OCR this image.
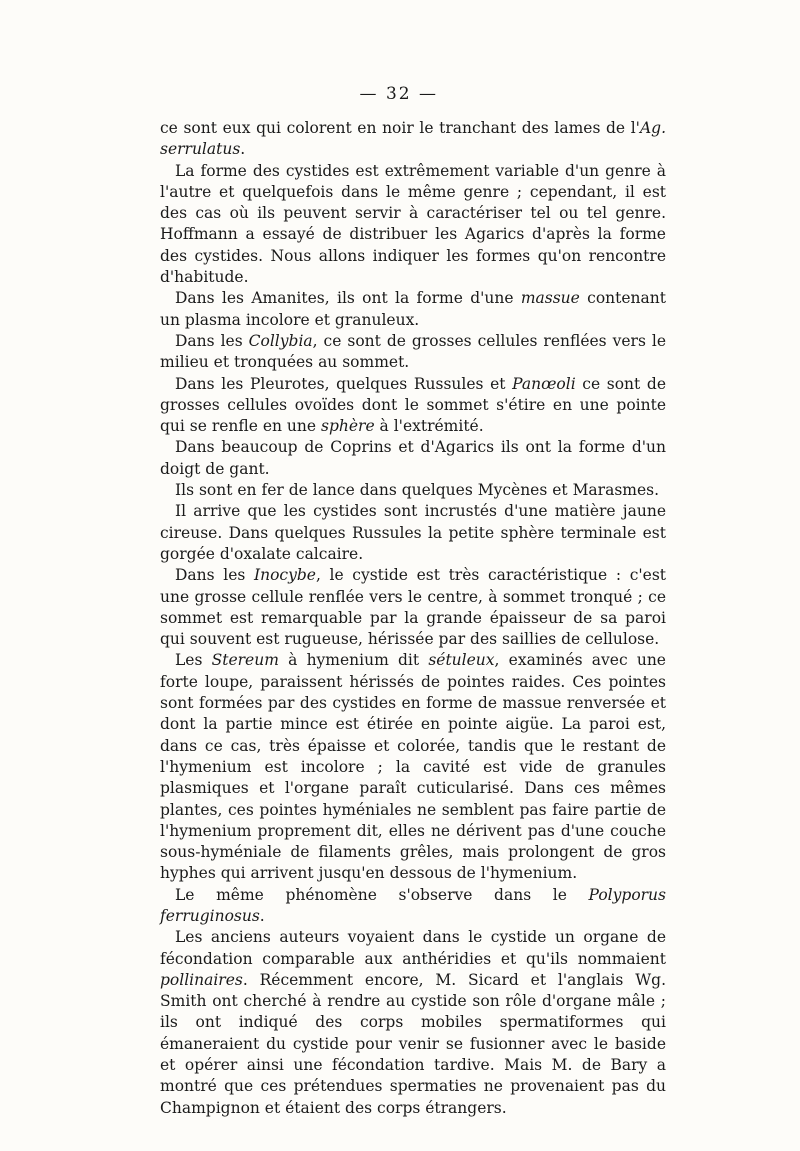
— 32 —

ce sont eux qui colorent en noir le tranchant des lames de l'Ag. serrulatus.

La forme des cystides est extrêmement variable d'un genre à l'autre et quelquefois dans le même genre ; cependant, il est des cas où ils peuvent servir à caractériser tel ou tel genre. Hoffmann a essayé de distribuer les Agarics d'après la forme des cystides. Nous allons indiquer les formes qu'on rencontre d'habitude.

Dans les Amanites, ils ont la forme d'une massue contenant un plasma incolore et granuleux.

Dans les Collybia, ce sont de grosses cellules renflées vers le milieu et tronquées au sommet.

Dans les Pleurotes, quelques Russules et Panœoli ce sont de grosses cellules ovoïdes dont le sommet s'étire en une pointe qui se renfle en une sphère à l'extrémité.

Dans beaucoup de Coprins et d'Agarics ils ont la forme d'un doigt de gant.

Ils sont en fer de lance dans quelques Mycènes et Marasmes.

Il arrive que les cystides sont incrustés d'une matière jaune cireuse. Dans quelques Russules la petite sphère terminale est gorgée d'oxalate calcaire.

Dans les Inocybe, le cystide est très caractéristique : c'est une grosse cellule renflée vers le centre, à sommet tronqué ; ce sommet est remarquable par la grande épaisseur de sa paroi qui souvent est rugueuse, hérissée par des saillies de cellulose.

Les Stereum à hymenium dit sétuleux, examinés avec une forte loupe, paraissent hérissés de pointes raides. Ces pointes sont formées par des cystides en forme de massue renversée et dont la partie mince est étirée en pointe aigüe. La paroi est, dans ce cas, très épaisse et colorée, tandis que le restant de l'hymenium est incolore ; la cavité est vide de granules plasmiques et l'organe paraît cuticularisé. Dans ces mêmes plantes, ces pointes hyméniales ne semblent pas faire partie de l'hymenium proprement dit, elles ne dérivent pas d'une couche sous-hyméniale de filaments grêles, mais prolongent de gros hyphes qui arrivent jusqu'en dessous de l'hymenium.

Le même phénomène s'observe dans le Polyporus ferruginosus.

Les anciens auteurs voyaient dans le cystide un organe de fécondation comparable aux anthéridies et qu'ils nommaient pollinaires. Récemment encore, M. Sicard et l'anglais Wg. Smith ont cherché à rendre au cystide son rôle d'organe mâle ; ils ont indiqué des corps mobiles spermatiformes qui émaneraient du cystide pour venir se fusionner avec le baside et opérer ainsi une fécondation tardive. Mais M. de Bary a montré que ces prétendues spermaties ne provenaient pas du Champignon et étaient des corps étrangers.
